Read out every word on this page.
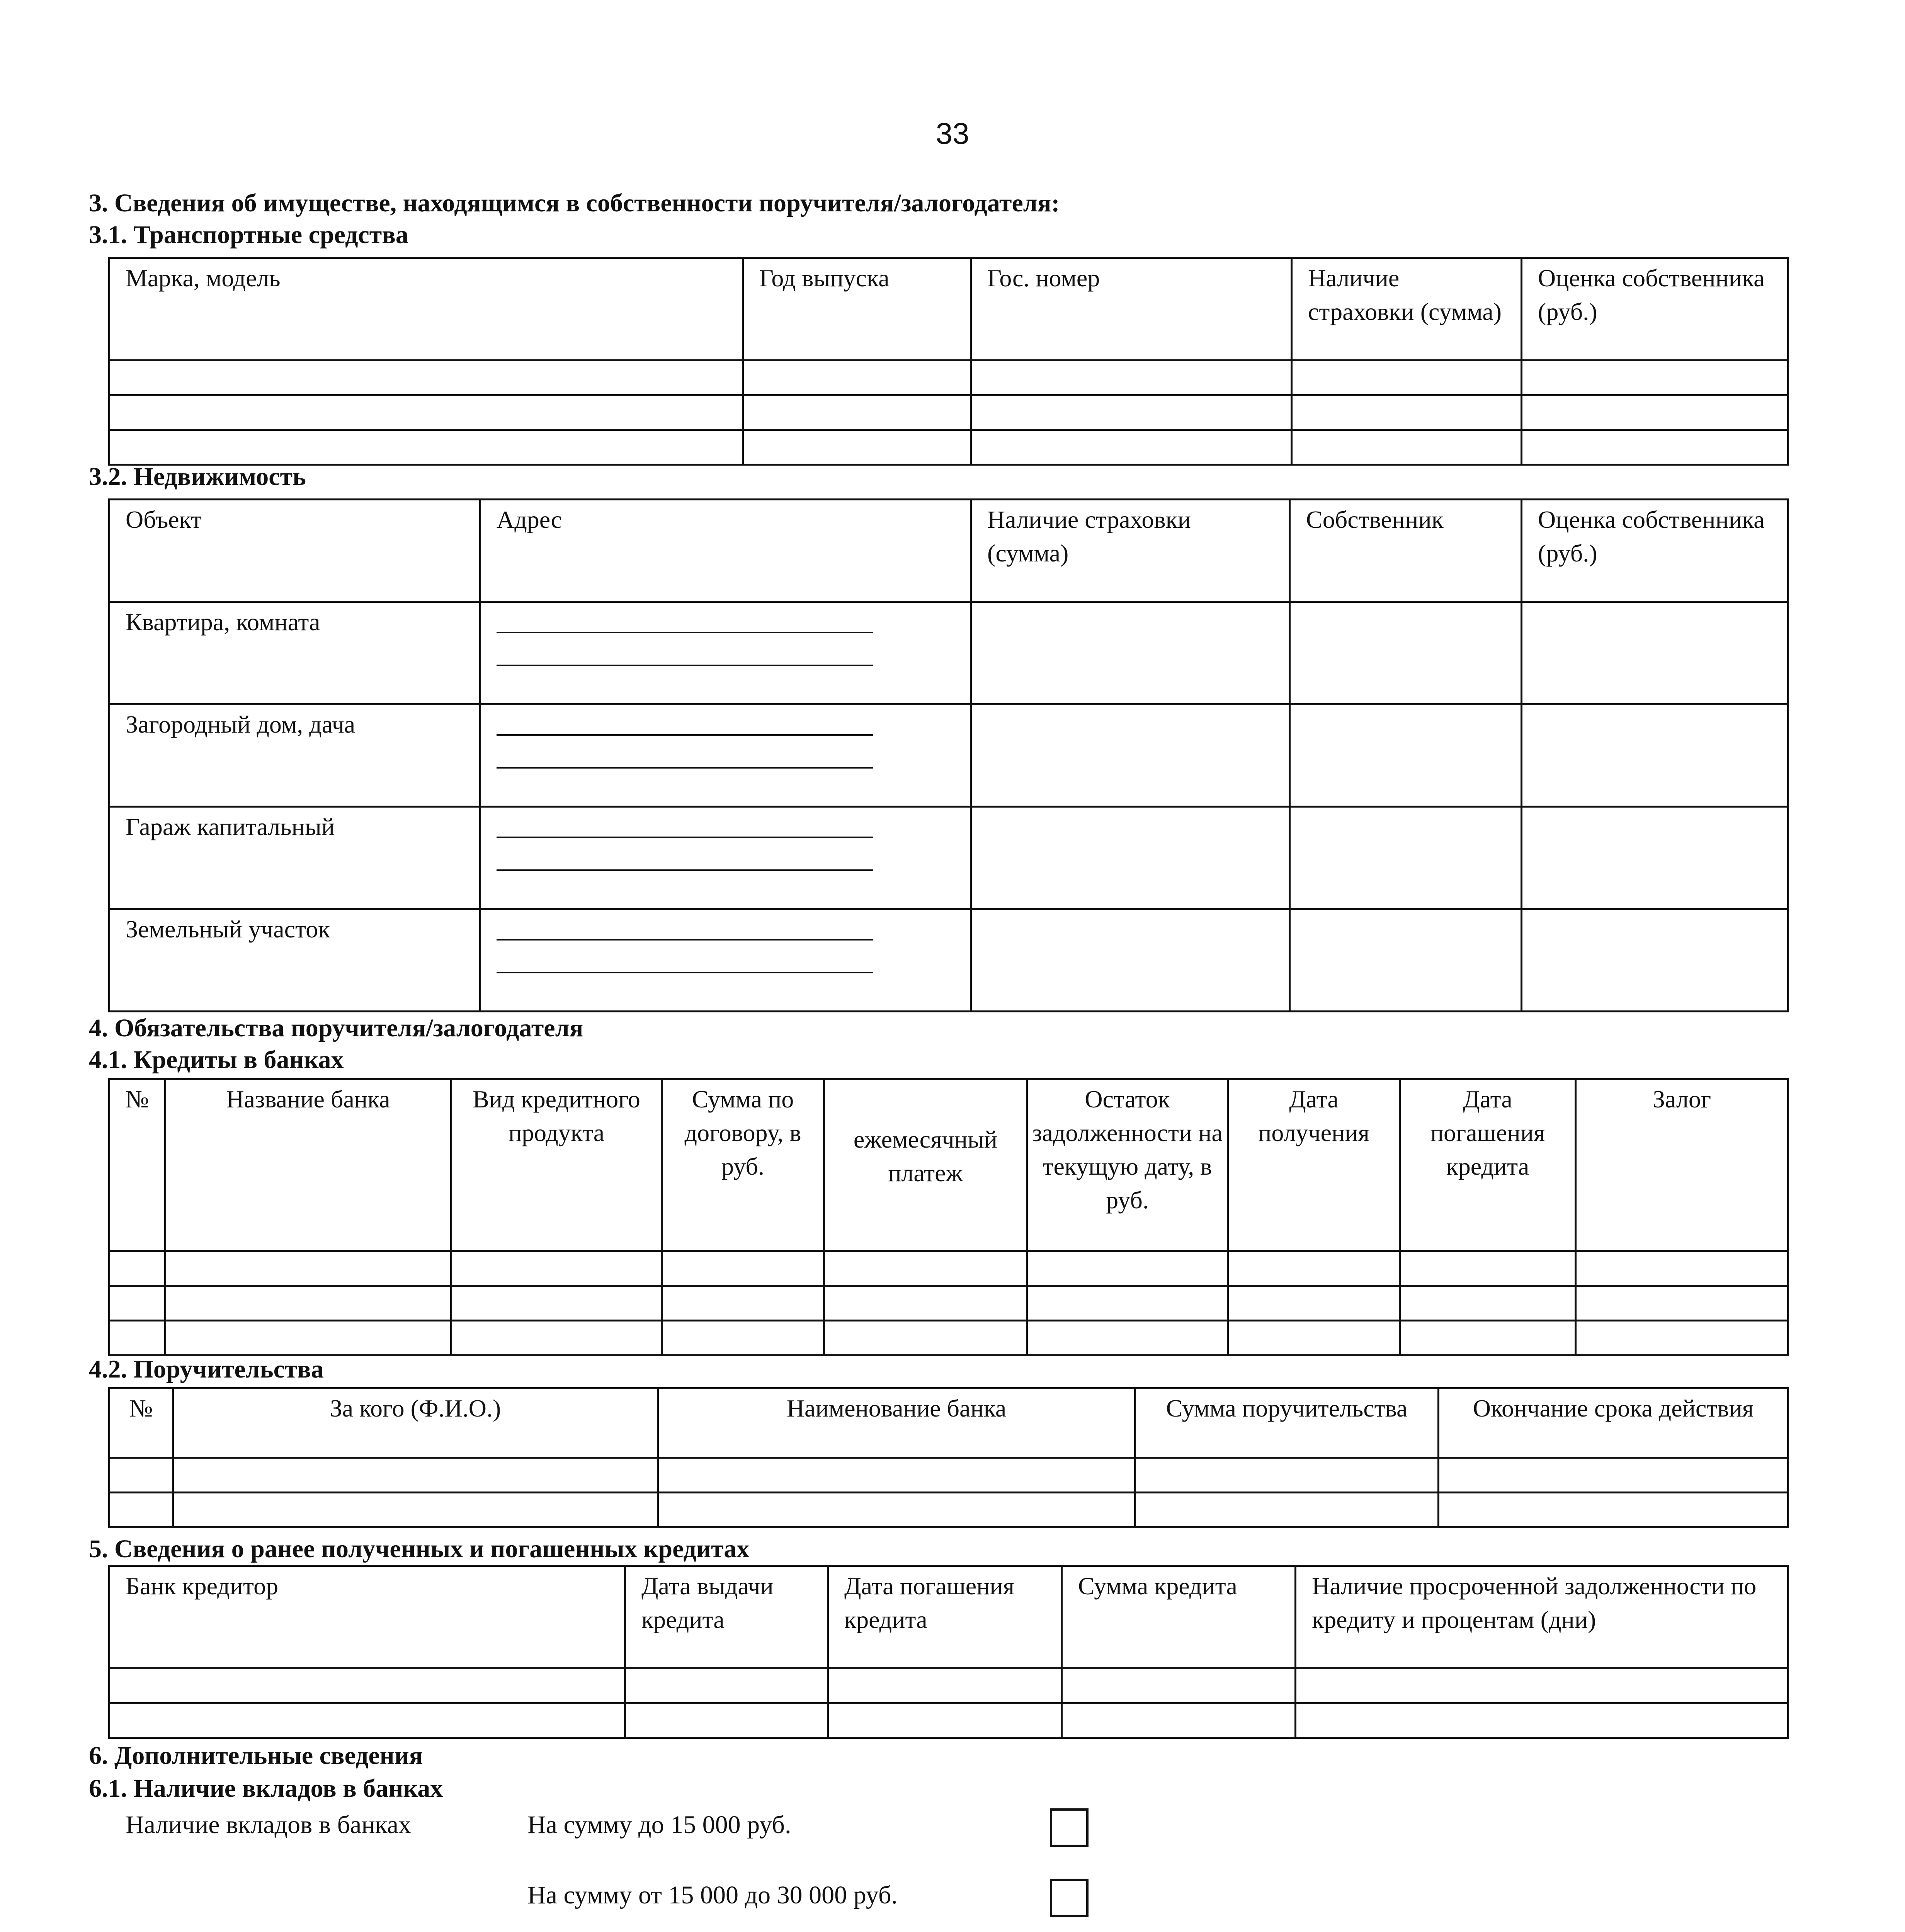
33
3. Сведения об имуществе, находящимся в собственности поручителя/залогодателя:
3.1. Транспортные средства
Марка, модель	Год выпуска	Гос. номер	Наличие страховки (сумма)	Оценка собственника (руб.)

3.2. Недвижимость
Объект	Адрес	Наличие страховки (сумма)	Собственник	Оценка собственника (руб.)
Квартира, комната				
Загородный дом, дача				
Гараж капитальный				
Земельный участок				
4. Обязательства поручителя/залогодателя
4.1. Кредиты в банках
№	Название банка	Вид кредитного продукта	Сумма по договору, в руб.	ежемесячный платеж	Остаток задолженности на текущую дату, в руб.	Дата получения	Дата погашения кредита	Залог

4.2. Поручительства
№	За кого (Ф.И.О.)	Наименование банка	Сумма поручительства	Окончание срока действия

5. Сведения о ранее полученных и погашенных кредитах
Банк кредитор	Дата выдачи кредита	Дата погашения кредита	Сумма кредита	Наличие просроченной задолженности по кредиту и процентам (дни)

6. Дополнительные сведения
6.1. Наличие вкладов в банках
Наличие вкладов в банках	На сумму до 15 000 руб.
На сумму от 15 000 до 30 000 руб.
